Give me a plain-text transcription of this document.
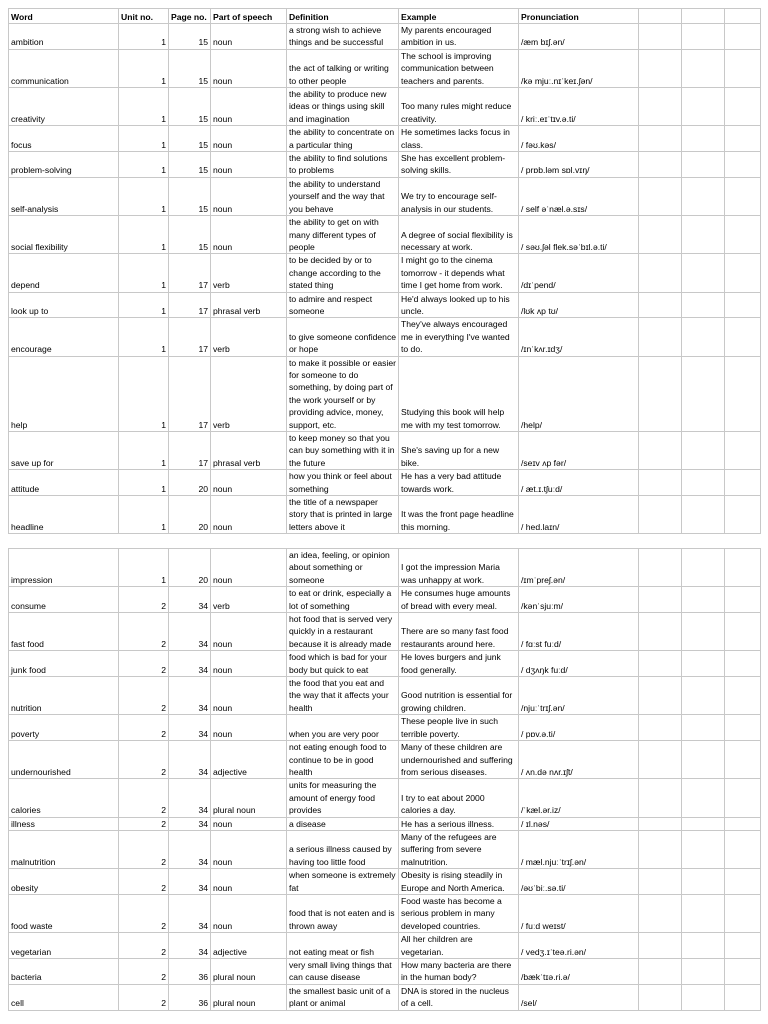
Word	Unit no.	Page no.	Part of speech	Definition	Example	Pronunciation			
ambition	1	15	noun	a strong wish to achieve things and be successful	My parents encouraged ambition in us.	/æm bɪʃ.ən/			
communication	1	15	noun	the act of talking or writing to other people	The school is improving communication between teachers and parents.	/kə mjuː.nɪˈkeɪ.ʃən/			
creativity	1	15	noun	the ability to produce new ideas or things using skill and imagination	Too many rules might reduce creativity.	/ kriː.eɪˈtɪv.ə.ti/			
focus	1	15	noun	the ability to concentrate on a particular thing	He sometimes lacks focus in class.	/ fəʊ.kəs/			
problem-solving	1	15	noun	the ability to find solutions to problems	She has excellent problem-solving skills.	/ prɒb.ləm sɒl.vɪŋ/			
self-analysis	1	15	noun	the ability to understand yourself and the way that you behave	We try to encourage self-analysis in our students.	/ self əˈnæl.ə.sɪs/			
social flexibility	1	15	noun	the ability to get on with many different types of people	A degree of social flexibility is necessary at work.	/ səʊ.ʃəl flek.səˈbɪl.ə.ti/			
depend	1	17	verb	to be decided by or to change according to the stated thing	I might go to the cinema tomorrow - it depends what time I get home from work.	/dɪˈpend/			
look up to	1	17	phrasal verb	to admire and respect someone	He'd always looked up to his uncle.	/lʊk ʌp tʊ/			
encourage	1	17	verb	to give someone confidence or hope	They've always encouraged me in everything I've wanted to do.	/ɪnˈkʌr.ɪdʒ/			
help	1	17	verb	to make it possible or easier for someone to do something, by doing part of the work yourself or by providing advice, money, support, etc.	Studying this book will help me with my test tomorrow.	/help/			
save up for	1	17	phrasal verb	to keep money so that you can buy something with it in the future	She's saving up for a new bike.	/seɪv ʌp fər/			
attitude	1	20	noun	how you think or feel about something	He has a very bad attitude towards work.	/ æt.ɪ.tʃuːd/			
headline	1	20	noun	the title of a newspaper story that is printed in large letters above it	It was the front page headline this morning.	/ hed.laɪn/			
impression	1	20	noun	an idea, feeling, or opinion about something or someone	I got the impression Maria was unhappy at work.	/ɪmˈpreʃ.ən/			
consume	2	34	verb	to eat or drink, especially a lot of something	He consumes huge amounts of bread with every meal.	/kənˈsjuːm/			
fast food	2	34	noun	hot food that is served very quickly in a restaurant because it is already made	There are so many fast food restaurants around here.	/ fɑːst fuːd/			
junk food	2	34	noun	food which is bad for your body but quick to eat	He loves burgers and junk food generally.	/ dʒʌŋk fuːd/			
nutrition	2	34	noun	the food that you eat and the way that it affects your health	Good nutrition is essential for growing children.	/njuːˈtrɪʃ.ən/			
poverty	2	34	noun	when you are very poor	These people live in such terrible poverty.	/ pɒv.ə.ti/			
undernourished	2	34	adjective	not eating enough food to continue to be in good health	Many of these children are undernourished and suffering from serious diseases.	/ ʌn.də nʌr.ɪʃt/			
calories	2	34	plural noun	units for measuring the amount of energy food provides	I try to eat about 2000 calories a day.	/ˈkæl.ər.iz/			
illness	2	34	noun	a disease	He has a serious illness.	/ ɪl.nəs/			
malnutrition	2	34	noun	a serious illness caused by having too little food	Many of the refugees are suffering from severe malnutrition.	/ mæl.njuːˈtrɪʃ.ən/			
obesity	2	34	noun	when someone is extremely fat	Obesity is rising steadily in Europe and North America.	/əʊˈbiː.sə.ti/			
food waste	2	34	noun	food that is not eaten and is thrown away	Food waste has become a serious problem in many developed countries.	/ fuːd weɪst/			
vegetarian	2	34	adjective	not eating meat or fish	All her children are vegetarian.	/ vedʒ.ɪˈteə.ri.ən/			
bacteria	2	36	plural noun	very small living things that can cause disease	How many bacteria are there in the human body?	/bækˈtɪə.ri.ə/			
cell	2	36	plural noun	the smallest basic unit of a plant or animal	DNA is stored in the nucleus of a cell.	/sel/			
